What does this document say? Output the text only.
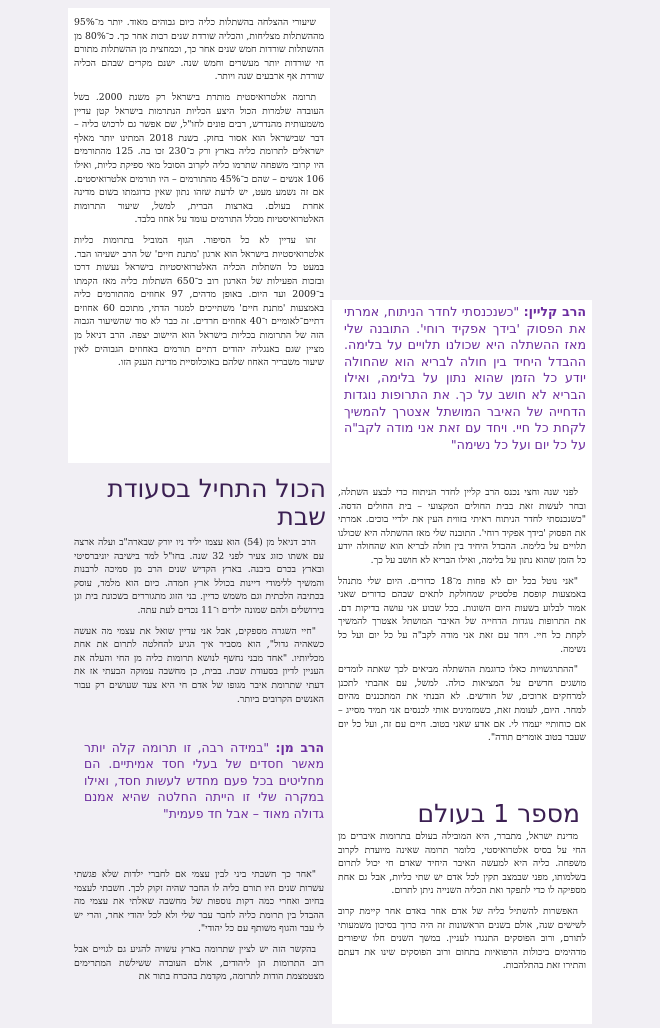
שיעורי ההצלחה בהשתלות כליה כיום גבוהים מאוד. יותר מ־95% מההשתלות מצליחות, והכליה שורדת שנים רבות אחר כך. כ־80% מן ההשתלות שורדות חמש שנים אחר כך, וכמחצית מן ההשתלות מתורם חי שורדות יותר מעשרים וחמש שנה. ישנם מקרים שבהם הכליה שורדת אף ארבעים שנה ויותר.

תרומה אלטרואיסטית מותרת בישראל רק משנת 2000. בשל העובדה שלמרות הכול היצע הכליות הנתרמות בישראל קטן עדיין משמעותית מהנדרש, רבים פונים לחו"ל, שם אפשר גם לרכוש כליה – דבר שבישראל הוא אסור בחוק. בשנת 2018 המתינו יותר מאלף ישראלים לתרומת כליה בארץ ורק כ־230 זכו בה. 125 מהתורמים היו קרובי משפחה שתרמו כליה לקרוב הסובל מאי ספיקת כליות, ואילו 106 אנשים – שהם כ־45% מהתורמים – היו תורמים אלטרואיסטים. אם זה נשמע מעט, יש לדעת שזהו נתון שאין כדוגמתו בשום מדינה אחרת בעולם. בארצות הברית, למשל, שיעור התרומות האלטרואיסטיות מכלל התורמים עומד על אחוז בלבד.

זהו עדיין לא כל הסיפור. הגוף המוביל בתרומות כליות אלטרואיסטיות בישראל הוא ארגון 'מתנת חיים' של הרב ישעיהו הבר. במעט כל השתלות הכליה האלטרואיסטיות בישראל נעשות דרכו ובזכות הפעילות של הארגון רוב כ־650 השתלות כליה מאז הקמתו ב־2009 ועד היום. באופן מדהים, 97 אחוזים מהתורמים כליה באמצעות 'מתנת חיים' משתייכים למגזר הדתי, מתוכם 60 אחוזים דתיים־לאומיים ו־40 אחוזים חרדים. זה כבר לא סוד שהשיעור הגבוה הזה של התרומות בכליות בישראל הוא היישוב יצפה. הרב דניאל מן מציין שגם באנגליה יהודים דתיים תורמים באחוזים הגבוהים לאין שיעור משבריר האחוז שלהם באוכלוסיית מדינת הענק הזו.

הכול התחיל בסעודת שבת

הרב דניאל מן (54) הוא עצמו יליד ניו יורק שבארה"ב ועלה ארצה עם אשתו כזוג צעיר לפני 32 שנה. בחו"ל למד בישיבה יוניברסיטי ובארץ בכרם ביבנה. בארץ הקדיש שנים הרב מן סמיכה לרבנות והמשיך ללימודי דיינות בכולל ארץ חמדה. כיום הוא מלמד, עוסק בכתיבה הלכתית וגם משמש כדיין. בני הזוג מתגוררים בשכונת בית וגן בירושלים ולהם שמונה ילדים ו־11 נכדים לעת עתה.

"חיי השגרה מספקים, אבל אני עדיין שואל את עצמי מה אעשה כשאהיה גדול", הוא מסביר איך הגיע להחלטה לתרום את אחת מכליותיו. "אחד מבני נחשף לנושא תרומות כליה מן החי והעלה את העניין לדיון בסעודת שבת. בבית, כן מחשבה עמוקה הבעתי אז את דעתי שתרומת איבר מגופו של אדם חי היא צעד שעושים רק עבור האנשים הקרובים ביותר.

הרב מן: "במידה רבה, זו תרומה קלה יותר מאשר חסדים של בעלי חסד אמיתיים. הם מחליטים בכל פעם מחדש לעשות חסד, ואילו במקרה שלי זו הייתה החלטה שהיא אמנם גדולה מאוד – אבל חד פעמית"

"אחר כך חשבתי ביני לבין עצמי אם לחברי ילדות שלא פגשתי עשרות שנים היו תורם כליה לו החבר שהיה זקוק לכך. חשבתי לעצמי בחיוב ואחרי כמה דקות נוספות של מחשבה שאלתי את עצמי מה ההבדל בין תרומת כליה לחבר עבר שלי ולא לכל יהודי אחר, והרי יש לי עבר והגוף משותף עם כל יהודי".

בהקשר הזה יש לציין שתרומה בארץ עשויה להגיע גם לגויים אבל רוב התרומות הן ליהודים, אולם העובדה ששילשת המתרימים מצטמצמת הודות לתרומה, מקדמת בהכרח בתור את

הרב קליין: "כשנכנסתי לחדר הניתוח, אמרתי את הפסוק 'בידך אפקיד רוחי'. התובנה שלי מאז ההשתלה היא שכולנו תלויים על בלימה. ההבדל היחיד בין חולה לבריא הוא שהחולה יודע כל הזמן שהוא נתון על בלימה, ואילו הבריא לא חושב על כך. את התרופות נוגדות הדחייה של האיבר המושתל אצטרך להמשיך לקחת כל חיי. ויחד עם זאת אני מודה לקב"ה על כל יום ועל כל נשימה"

לפני שנה וחצי נכנס הרב קליין לחדר הניתוח כדי לבצע השתלה, ובחר לעשות זאת בבית החולים המקצועי – בית החולים הדסה. "כשנכנסתי לחדר הניתוח ראיתי בזווית העין את ילדיי בוכים. אמרתי את הפסוק 'בידך אפקיד רוחי'. התובנה שלי מאז ההשתלה היא שכולנו תלויים על בלימה. ההבדל היחיד בין חולה לבריא הוא שהחולה יודע כל הזמן שהוא נתון על בלימה, ואילו הבריא לא חושב על כך.

"אני נוטל בכל יום לא פחות מ־18 כדורים. היום שלי מתנהל באמצעות קופסת פלסטיק שמחולקת לתאים שבהם כדורים שאני אמור לבלוע בשעות היום השונות. בכל שבוע אני עושה בדיקות דם. את התרופות נוגדות הדחייה של האיבר המושתל אצטרך להמשיך לקחת כל חיי. ויחד עם זאת אני מודה לקב"ה על כל יום ועל כל נשימה.

"ההתרגשויות כאלו כדוגמת ההשתלה מביאים לכך שאתה לומדים מושגים חדשים על המציאות כולה. למשל, עם אהבתי לתכנן למרחקים ארוכים, של חודשים. לא הבנתי את המתכננים מהיום למחר. היום, לעומת זאת, כשמזמינים אותי לכנסים אני תמיד מסייג – אם כוחותיי יעמדו לי. אם אדע שאני בטוב. חיים עם זה, ועל כל יום שעבר בטוב אומרים תודה".

מספר 1 בעולם

מדינת ישראל, מתברר, היא המובילה בעולם בתרומות איברים מן החי על בסיס אלטרואיסטי, כלומר תרומה שאינה מיועדת לקרוב משפחה. כליה היא למעשה האיבר היחיד שאדם חי יכול לתרום בשלמותו, מפני שבמצב תקין לכל אדם יש שתי כליות, אבל גם אחת מספיקה לו כדי לתפקד ואת הכליה השנייה ניתן לתרום.

האפשרות להשתיל כליה של אדם אחר באדם אחר קיימת קרוב לשישים שנה, אולם בשנים הראשונות זה היה כרוך בסיכון משמעותי לתורם, ורוב הפוסקים התנגדו לעניין. במשך השנים חלו שיפורים מדהימים ביכולות הרפואיות בתחום ורוב הפוסקים שינו את דעתם והתירו זאת בהתלהבות.
